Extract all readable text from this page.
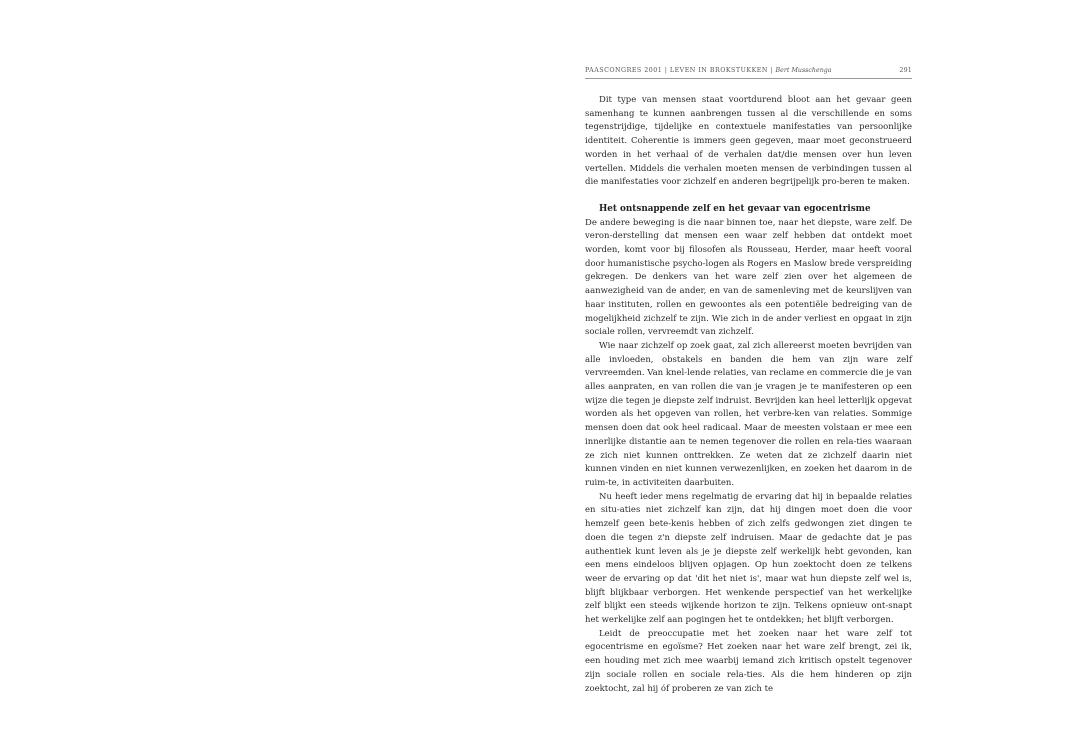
PAASCONGRES 2001 | LEVEN IN BROKSTUKKEN | Bert Musschenga	291

Dit type van mensen staat voortdurend bloot aan het gevaar geen samenhang te kunnen aanbrengen tussen al die verschillende en soms tegenstrijdige, tijdelijke en contextuele manifestaties van persoonlijke identiteit. Coherentie is immers geen gegeven, maar moet geconstrueerd worden in het verhaal of de verhalen dat/die mensen over hun leven vertellen. Middels die verhalen moeten mensen de verbindingen tussen al die manifestaties voor zichzelf en anderen begrijpelijk pro-beren te maken.

Het ontsnappende zelf en het gevaar van egocentrisme

De andere beweging is die naar binnen toe, naar het diepste, ware zelf. De veron-derstelling dat mensen een waar zelf hebben dat ontdekt moet worden, komt voor bij filosofen als Rousseau, Herder, maar heeft vooral door humanistische psycho-logen als Rogers en Maslow brede verspreiding gekregen. De denkers van het ware zelf zien over het algemeen de aanwezigheid van de ander, en van de samenleving met de keurslijven van haar instituten, rollen en gewoontes als een potentiële bedreiging van de mogelijkheid zichzelf te zijn. Wie zich in de ander verliest en opgaat in zijn sociale rollen, vervreemdt van zichzelf.

Wie naar zichzelf op zoek gaat, zal zich allereerst moeten bevrijden van alle invloeden, obstakels en banden die hem van zijn ware zelf vervreemden. Van knel-lende relaties, van reclame en commercie die je van alles aanpraten, en van rollen die van je vragen je te manifesteren op een wijze die tegen je diepste zelf indruist. Bevrijden kan heel letterlijk opgevat worden als het opgeven van rollen, het verbre-ken van relaties. Sommige mensen doen dat ook heel radicaal. Maar de meesten volstaan er mee een innerlijke distantie aan te nemen tegenover die rollen en rela-ties waaraan ze zich niet kunnen onttrekken. Ze weten dat ze zichzelf daarin niet kunnen vinden en niet kunnen verwezenlijken, en zoeken het daarom in de ruim-te, in activiteiten daarbuiten.

Nu heeft ieder mens regelmatig de ervaring dat hij in bepaalde relaties en situ-aties niet zichzelf kan zijn, dat hij dingen moet doen die voor hemzelf geen bete-kenis hebben of zich zelfs gedwongen ziet dingen te doen die tegen z'n diepste zelf indruisen. Maar de gedachte dat je pas authentiek kunt leven als je je diepste zelf werkelijk hebt gevonden, kan een mens eindeloos blijven opjagen. Op hun zoektocht doen ze telkens weer de ervaring op dat 'dit het niet is', maar wat hun diepste zelf wel is, blijft blijkbaar verborgen. Het wenkende perspectief van het werkelijke zelf blijkt een steeds wijkende horizon te zijn. Telkens opnieuw ont-snapt het werkelijke zelf aan pogingen het te ontdekken; het blijft verborgen.

Leidt de preoccupatie met het zoeken naar het ware zelf tot egocentrisme en egoïsme? Het zoeken naar het ware zelf brengt, zei ik, een houding met zich mee waarbij iemand zich kritisch opstelt tegenover zijn sociale rollen en sociale rela-ties. Als die hem hinderen op zijn zoektocht, zal hij óf proberen ze van zich te
